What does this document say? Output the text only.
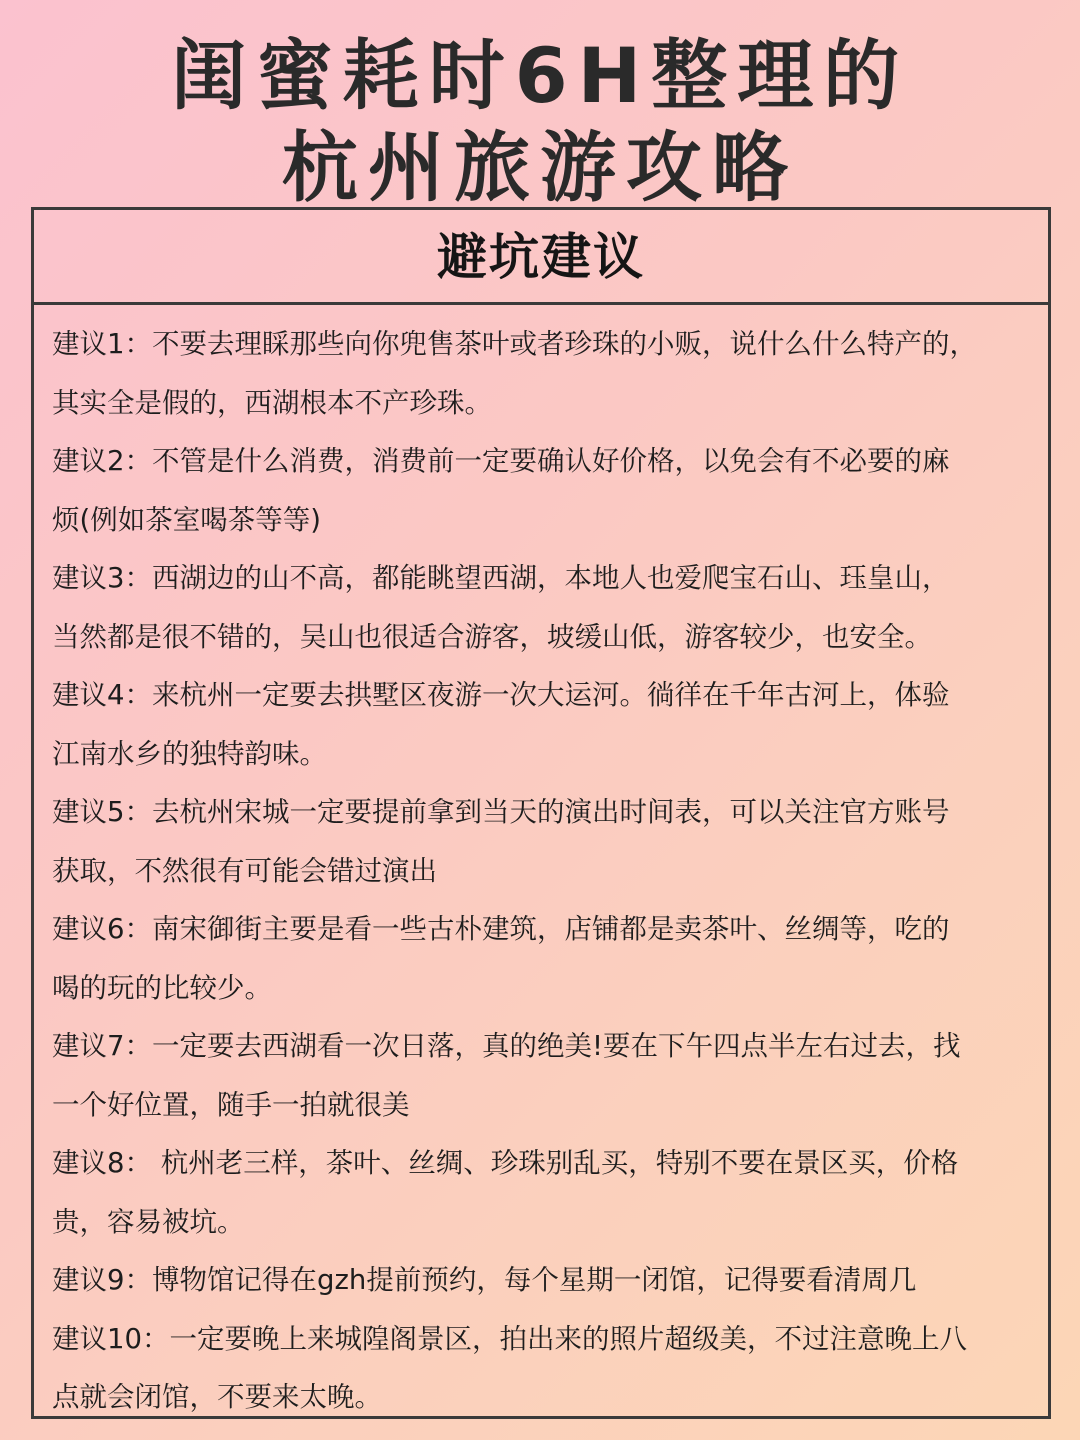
闺蜜耗时6H整理的
杭州旅游攻略
避坑建议
建议1：不要去理睬那些向你兜售茶叶或者珍珠的小贩，说什么什么特产的，
其实全是假的，西湖根本不产珍珠。
建议2：不管是什么消费，消费前一定要确认好价格，以免会有不必要的麻
烦(例如茶室喝茶等等)
建议3：西湖边的山不高，都能眺望西湖，本地人也爱爬宝石山、珏皇山，
当然都是很不错的，吴山也很适合游客，坡缓山低，游客较少，也安全。
建议4：来杭州一定要去拱墅区夜游一次大运河。徜徉在千年古河上，体验
江南水乡的独特韵味。
建议5：去杭州宋城一定要提前拿到当天的演出时间表，可以关注官方账号
获取，不然很有可能会错过演出
建议6：南宋御街主要是看一些古朴建筑，店铺都是卖茶叶、丝绸等，吃的
喝的玩的比较少。
建议7：一定要去西湖看一次日落，真的绝美!要在下午四点半左右过去，找
一个好位置，随手一拍就很美
建议8： 杭州老三样，茶叶、丝绸、珍珠别乱买，特别不要在景区买，价格
贵，容易被坑。
建议9：博物馆记得在gzh提前预约，每个星期一闭馆，记得要看清周几
建议10：一定要晚上来城隍阁景区，拍出来的照片超级美，不过注意晚上八
点就会闭馆，不要来太晚。
